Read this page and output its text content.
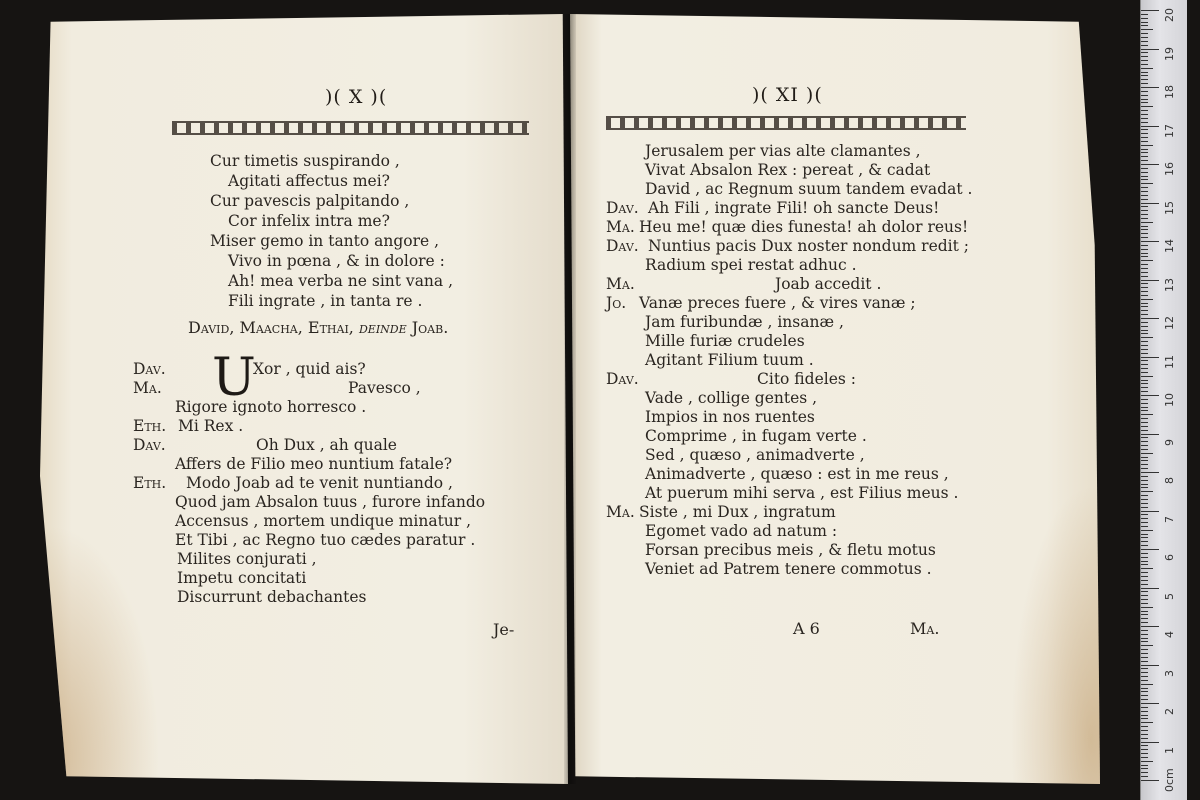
)( X )(
Cur timetis suspirando ,
Agitati affectus mei?
Cur pavescis palpitando ,
Cor infelix intra me?
Miser gemo in tanto angore ,
Vivo in pœna , & in dolore :
Ah! mea verba ne sint vana ,
Fili ingrate , in tanta re .
David, Maacha, Ethai, deinde Joab.
U
Dav.	Xor , quid ais?
Ma.	Pavesco ,
Rigore ignoto horresco .
Eth. Mi Rex .
Dav.	Oh Dux , ah quale
Affers de Filio meo nuntium fatale?
Eth. Modo Joab ad te venit nuntiando ,
Quod jam Absalon tuus , furore infando
Accensus , mortem undique minatur ,
Et Tibi , ac Regno tuo cædes paratur .
Milites conjurati ,
Impetu concitati
Discurrunt debachantes
Je-
)( XI )(
Jerusalem per vias alte clamantes ,
Vivat Absalon Rex : pereat , & cadat
David , ac Regnum suum tandem evadat .
Dav. Ah Fili , ingrate Fili! oh sancte Deus!
Ma. Heu me! quæ dies funesta! ah dolor reus!
Dav. Nuntius pacis Dux noster nondum redit ;
Radium spei restat adhuc .
Ma.	Joab accedit .
Jo. Vanæ preces fuere , & vires vanæ ;
Jam furibundæ , insanæ ,
Mille furiæ crudeles
Agitant Filium tuum .
Dav.	Cito fideles :
Vade , collige gentes ,
Impios in nos ruentes
Comprime , in fugam verte .
Sed , quæso , animadverte ,
Animadverte , quæso : est in me reus ,
At puerum mihi serva , est Filius meus .
Ma. Siste , mi Dux , ingratum
Egomet vado ad natum :
Forsan precibus meis , & fletu motus
Veniet ad Patrem tenere commotus .
A 6	Ma.
20
19
18
17
16
15
14
13
12
11
10
9
8
7
6
5
4
3
2
1
0cm
